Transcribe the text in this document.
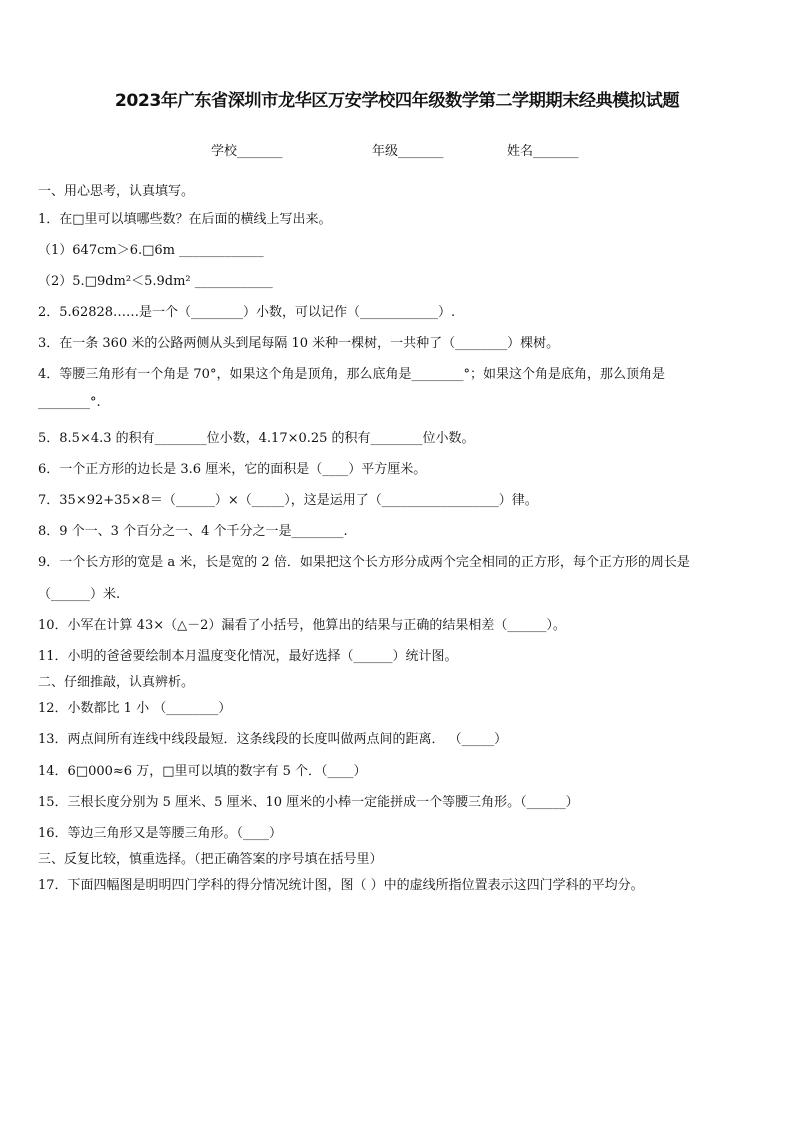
2023年广东省深圳市龙华区万安学校四年级数学第二学期期末经典模拟试题
学校_______	年级_______	姓名_______
一、用心思考，认真填写。
1．在□里可以填哪些数？在后面的横线上写出来。
（1）647cm＞6.□6m _____________
（2）5.□9dm²＜5.9dm² ____________
2．5.62828……是一个（________）小数，可以记作（____________）.
3．在一条 360 米的公路两侧从头到尾每隔 10 米种一棵树，一共种了（________）棵树。
4．等腰三角形有一个角是 70°，如果这个角是顶角，那么底角是________°；如果这个角是底角，那么顶角是
________°.
5．8.5×4.3 的积有________位小数，4.17×0.25 的积有________位小数。
6．一个正方形的边长是 3.6 厘米，它的面积是（____）平方厘米。
7．35×92+35×8＝（______）×（_____），这是运用了（__________________）律。
8．9 个一、3 个百分之一、4 个千分之一是________.
9．一个长方形的宽是 a 米，长是宽的 2 倍．如果把这个长方形分成两个完全相同的正方形，每个正方形的周长是
（______）米.
10．小军在计算 43×（△－2）漏看了小括号，他算出的结果与正确的结果相差（______）。
11．小明的爸爸要绘制本月温度变化情况，最好选择（______）统计图。
二、仔细推敲，认真辨析。
12．小数都比 1 小 （________）
13．两点间所有连线中线段最短．这条线段的长度叫做两点间的距离． （_____）
14．6□000≈6 万，□里可以填的数字有 5 个．（____）
15．三根长度分别为 5 厘米、5 厘米、10 厘米的小棒一定能拼成一个等腰三角形。（______）
16．等边三角形又是等腰三角形。（____）
三、反复比较，慎重选择。（把正确答案的序号填在括号里）
17．下面四幅图是明明四门学科的得分情况统计图，图（ ）中的虚线所指位置表示这四门学科的平均分。
